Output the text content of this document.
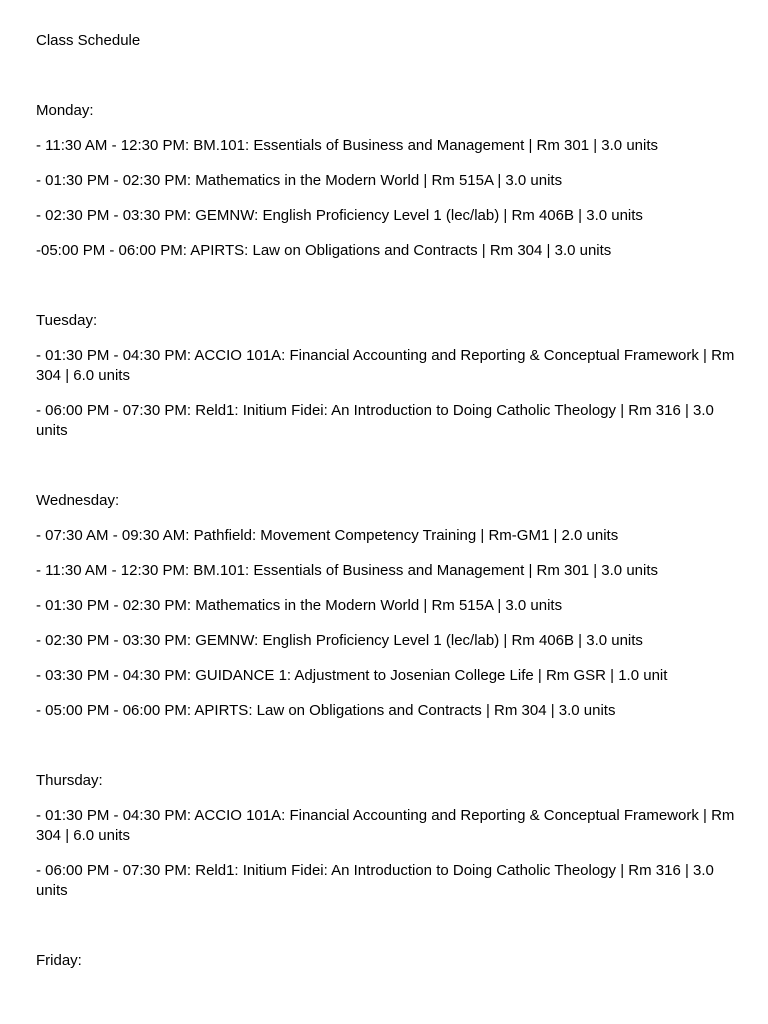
Class Schedule
Monday:
- 11:30 AM - 12:30 PM: BM.101: Essentials of Business and Management | Rm 301 | 3.0 units
- 01:30 PM - 02:30 PM: Mathematics in the Modern World | Rm 515A | 3.0 units
- 02:30 PM - 03:30 PM: GEMNW: English Proficiency Level 1 (lec/lab) | Rm 406B | 3.0 units
-05:00 PM - 06:00 PM: APIRTS: Law on Obligations and Contracts | Rm 304 | 3.0 units
Tuesday:
- 01:30 PM - 04:30 PM: ACCIO 101A: Financial Accounting and Reporting & Conceptual Framework | Rm 304 | 6.0 units
- 06:00 PM - 07:30 PM: Reld1: Initium Fidei: An Introduction to Doing Catholic Theology | Rm 316 | 3.0 units
Wednesday:
- 07:30 AM - 09:30 AM: Pathfield: Movement Competency Training | Rm-GM1 | 2.0 units
- 11:30 AM - 12:30 PM: BM.101: Essentials of Business and Management | Rm 301 | 3.0 units
- 01:30 PM - 02:30 PM: Mathematics in the Modern World | Rm 515A | 3.0 units
- 02:30 PM - 03:30 PM: GEMNW: English Proficiency Level 1 (lec/lab) | Rm 406B | 3.0 units
- 03:30 PM - 04:30 PM: GUIDANCE 1: Adjustment to Josenian College Life | Rm GSR | 1.0 unit
- 05:00 PM - 06:00 PM: APIRTS: Law on Obligations and Contracts | Rm 304 | 3.0 units
Thursday:
- 01:30 PM - 04:30 PM: ACCIO 101A: Financial Accounting and Reporting & Conceptual Framework | Rm 304 | 6.0 units
- 06:00 PM - 07:30 PM: Reld1: Initium Fidei: An Introduction to Doing Catholic Theology | Rm 316 | 3.0 units
Friday:
